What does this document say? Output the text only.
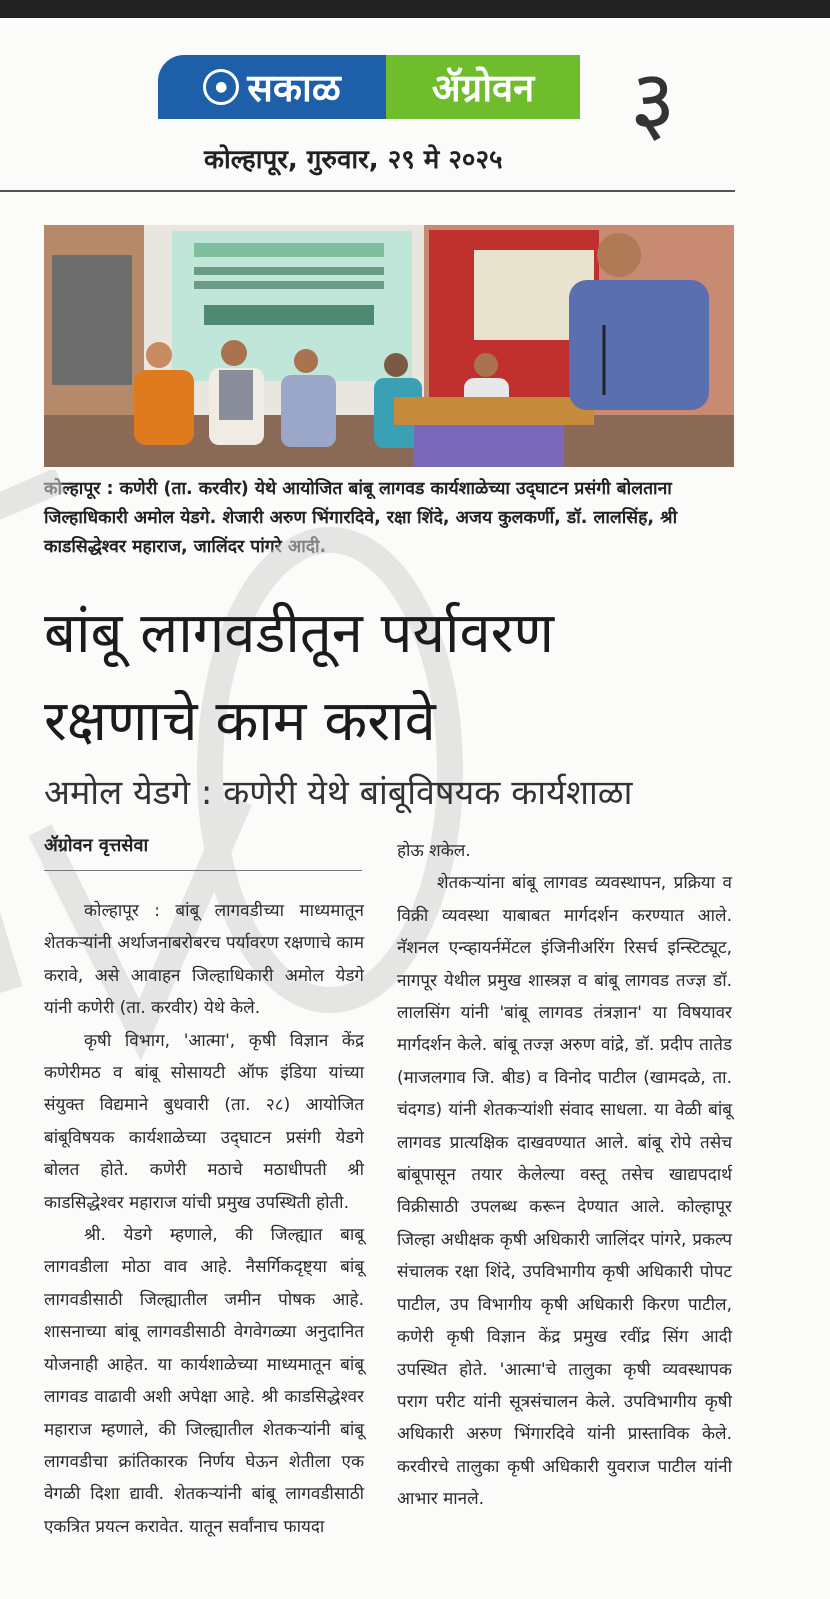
● सकाळ ॲग्रोवन ३
कोल्हापूर, गुरुवार, २९ मे २०२५
कोल्हापूर : कणेरी (ता. करवीर) येथे आयोजित बांबू लागवड कार्यशाळेच्या उद्‍घाटन प्रसंगी बोलताना जिल्हाधिकारी अमोल येडगे. शेजारी अरुण भिंगारदिवे, रक्षा शिंदे, अजय कुलकर्णी, डॉ. लालसिंह, श्री काडसिद्धेश्‍वर महाराज, जालिंदर पांगरे आदी.
बांबू लागवडीतून पर्यावरण
रक्षणाचे काम करावे
अमोल येडगे : कणेरी येथे बांबूविषयक कार्यशाळा
ॲग्रोवन वृत्तसेवा

कोल्हापूर : बांबू लागवडीच्या माध्यमातून शेतकऱ्यांनी अर्थाजनाबरोबरच पर्यावरण रक्षणाचे काम करावे, असे आवाहन जिल्हाधिकारी अमोल येडगे यांनी कणेरी (ता. करवीर) येथे केले.

कृषी विभाग, 'आत्मा', कृषी विज्ञान केंद्र कणेरीमठ व बांबू सोसायटी ऑफ इंडिया यांच्या संयुक्त विद्यमाने बुधवारी (ता. २८) आयोजित बांबूविषयक कार्यशाळेच्या उद्‍घाटन प्रसंगी येडगे बोलत होते. कणेरी मठाचे मठाधीपती श्री काडसिद्धेश्‍वर महाराज यांची प्रमुख उपस्थिती होती.

श्री. येडगे म्हणाले, की जिल्ह्यात बाबू लागवडीला मोठा वाव आहे. नैसर्गिकदृष्ट्या बांबू लागवडीसाठी जिल्ह्यातील जमीन पोषक आहे. शासनाच्या बांबू लागवडीसाठी वेगवेगळ्या अनुदानित योजनाही आहेत. या कार्यशाळेच्या माध्यमातून बांबू लागवड वाढावी अशी अपेक्षा आहे. श्री काडसिद्धेश्‍वर महाराज म्हणाले, की जिल्ह्यातील शेतकऱ्यांनी बांबू लागवडीचा क्रांतिकारक निर्णय घेऊन शेतीला एक वेगळी दिशा द्यावी. शेतकऱ्यांनी बांबू लागवडीसाठी एकत्रित प्रयत्न करावेत. यातून सर्वांनाच फायदा

होऊ शकेल.

शेतकऱ्यांना बांबू लागवड व्यवस्थापन, प्रक्रिया व विक्री व्यवस्था याबाबत मार्गदर्शन करण्यात आले. नॅशनल एन्व्हायर्नमेंटल इंजिनीअरिंग रिसर्च इन्स्टिट्यूट, नागपूर येथील प्रमुख शास्त्रज्ञ व बांबू लागवड तज्ज्ञ डॉ. लालसिंग यांनी 'बांबू लागवड तंत्रज्ञान' या विषयावर मार्गदर्शन केले. बांबू तज्ज्ञ अरुण वांद्रे, डॉ. प्रदीप तातेड (माजलगाव जि. बीड) व विनोद पाटील (खामदळे, ता. चंदगड) यांनी शेतकऱ्यांशी संवाद साधला. या वेळी बांबू लागवड प्रात्यक्षिक दाखवण्यात आले. बांबू रोपे तसेच बांबूपासून तयार केलेल्या वस्तू तसेच खाद्यपदार्थ विक्रीसाठी उपलब्ध करून देण्यात आले. कोल्हापूर जिल्हा अधीक्षक कृषी अधिकारी जालिंदर पांगरे, प्रकल्प संचालक रक्षा शिंदे, उपविभागीय कृषी अधिकारी पोपट पाटील, उप विभागीय कृषी अधिकारी किरण पाटील, कणेरी कृषी विज्ञान केंद्र प्रमुख रवींद्र सिंग आदी उपस्थित होते. 'आत्मा'चे तालुका कृषी व्यवस्थापक पराग परीट यांनी सूत्रसंचालन केले. उपविभागीय कृषी अधिकारी अरुण भिंगारदिवे यांनी प्रास्ताविक केले. करवीरचे तालुका कृषी अधिकारी युवराज पाटील यांनी आभार मानले.
